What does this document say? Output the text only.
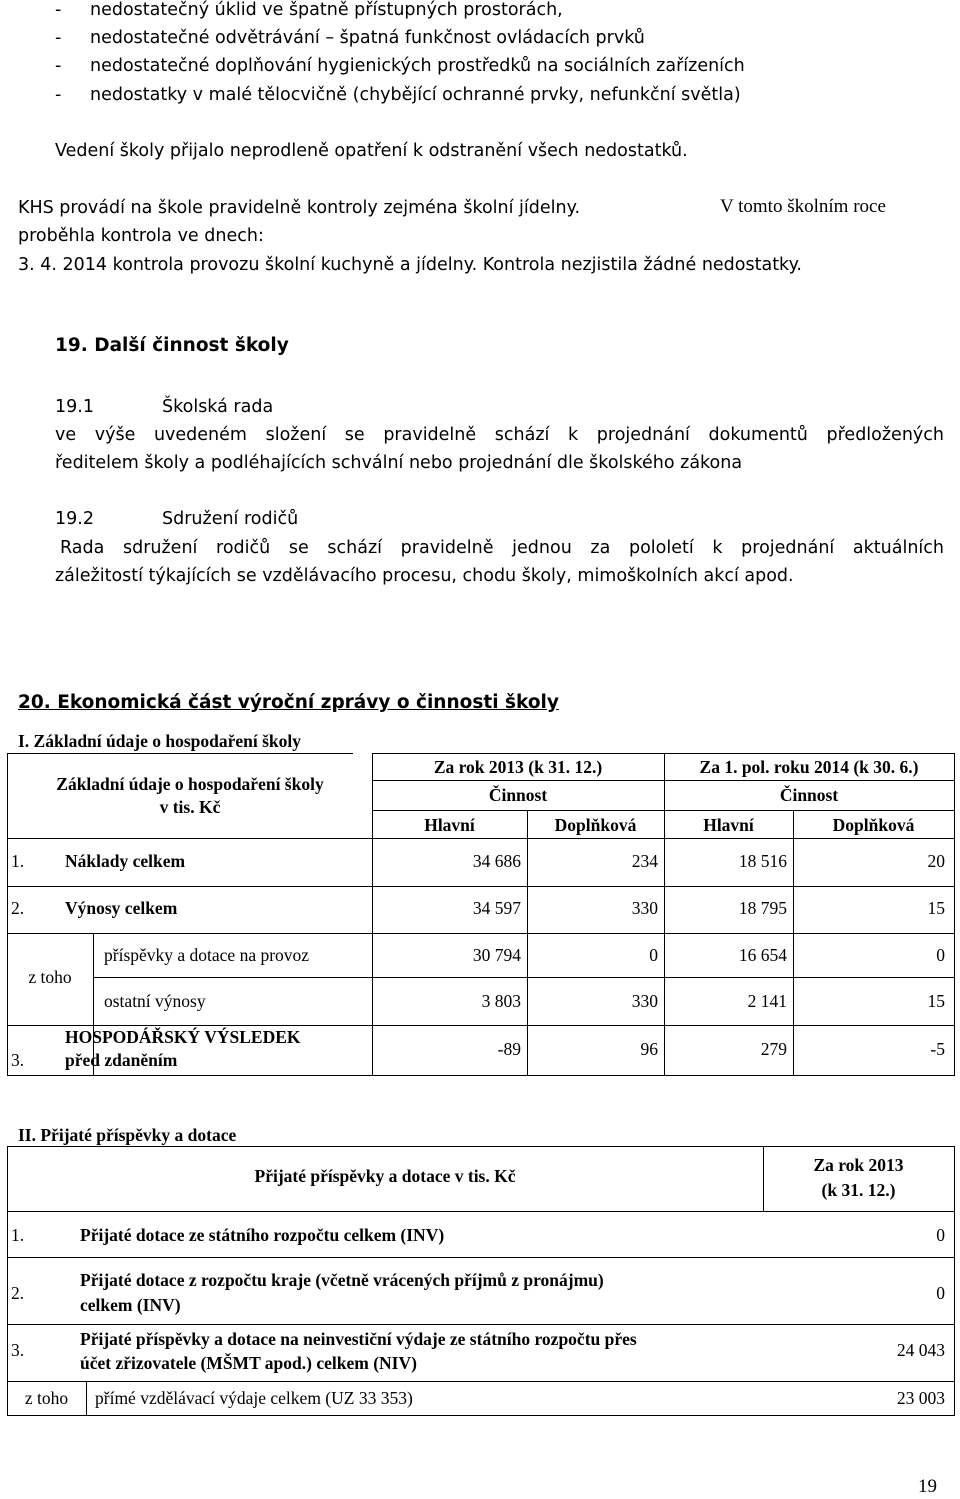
- nedostatečný úklid ve špatně přístupných prostorách,
- nedostatečné odvětrávání – špatná funkčnost ovládacích prvků
- nedostatečné doplňování hygienických prostředků na sociálních zařízeních
- nedostatky v malé tělocvičně (chybějící ochranné prvky, nefunkční světla)
Vedení školy přijalo neprodleně opatření k odstranění všech nedostatků.
KHS provádí na škole pravidelně kontroly zejména školní jídelny.	V tomto školním roce
proběhla kontrola ve dnech:
3. 4. 2014 kontrola provozu školní kuchyně a jídelny. Kontrola nezjistila žádné nedostatky.
19. Další činnost školy
19.1	Školská rada
ve výše uvedeném složení se pravidelně schází k projednání dokumentů předložených
ředitelem školy a podléhajících schvální nebo projednání dle školského zákona
19.2	Sdružení rodičů
Rada sdružení rodičů se schází pravidelně jednou za pololetí k projednání aktuálních
záležitostí týkajících se vzdělávacího procesu, chodu školy, mimoškolních akcí apod.
20. Ekonomická část výroční zprávy o činnosti školy
I. Základní údaje o hospodaření školy
Základní údaje o hospodaření školy
v tis. Kč
Za rok 2013 (k 31. 12.)	Za 1. pol. roku 2014 (k 30. 6.)
Činnost	Činnost
Hlavní	Doplňková	Hlavní	Doplňková
1. Náklady celkem	34 686	234	18 516	20
2. Výnosy celkem	34 597	330	18 795	15
z toho
příspěvky a dotace na provoz	30 794	0	16 654	0
ostatní výnosy	3 803	330	2 141	15
3.
HOSPODÁŘSKÝ VÝSLEDEK
před zdaněním
-89	96	279	-5
II. Přijaté příspěvky a dotace
Přijaté příspěvky a dotace v tis. Kč
Za rok 2013
(k 31. 12.)
1.	Přijaté dotace ze státního rozpočtu celkem (INV)	0
2.
Přijaté dotace z rozpočtu kraje (včetně vrácených příjmů z pronájmu)
celkem (INV)
0
3.
Přijaté příspěvky a dotace na neinvestiční výdaje ze státního rozpočtu přes
účet zřizovatele (MŠMT apod.) celkem (NIV)
24 043
z toho	přímé vzdělávací výdaje celkem (UZ 33 353)	23 003
19
